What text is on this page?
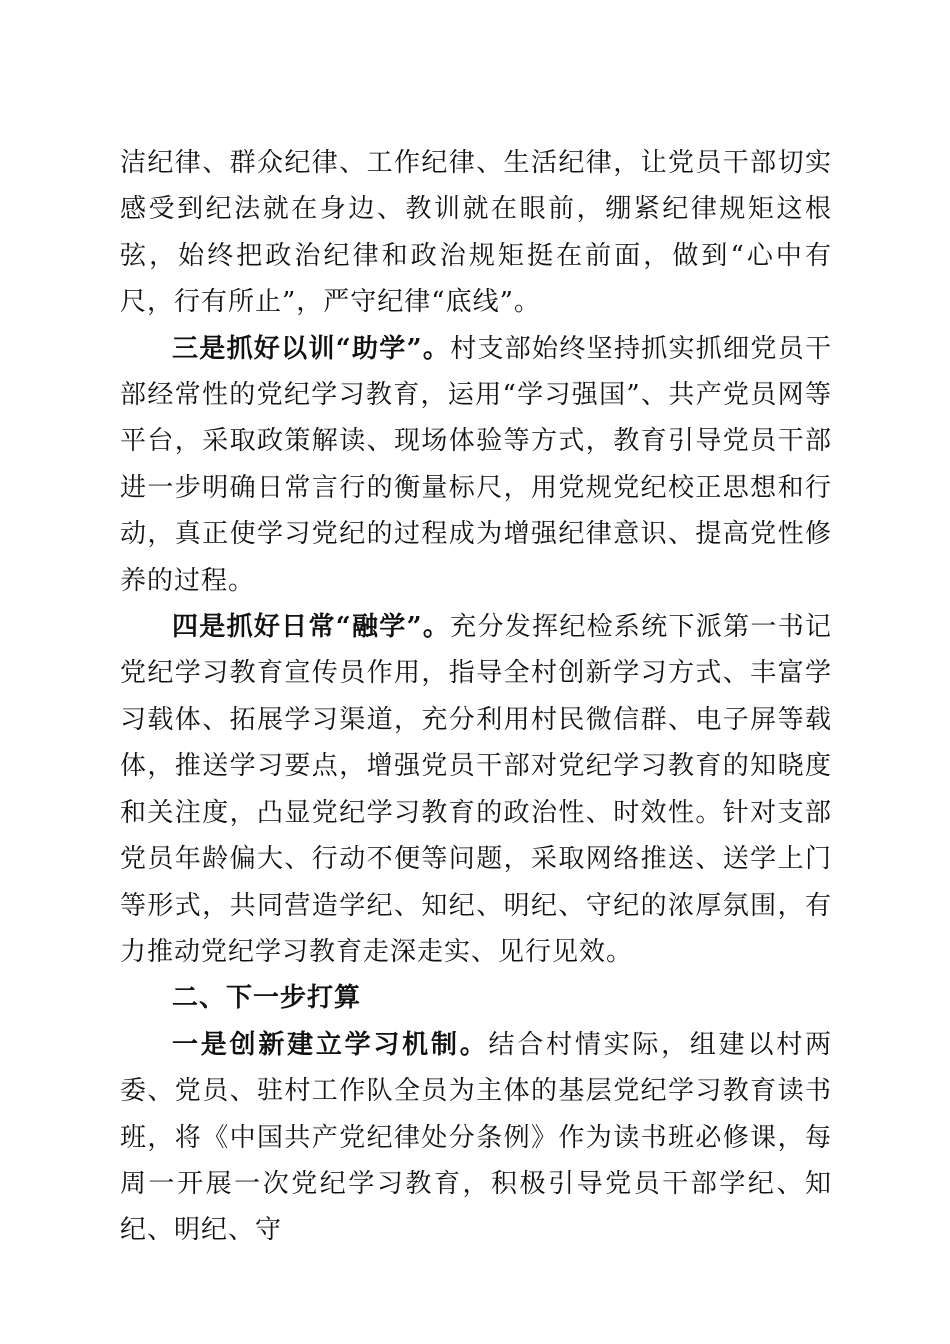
洁纪律、群众纪律、工作纪律、生活纪律，让党员干部切实感受到纪法就在身边、教训就在眼前，绷紧纪律规矩这根弦，始终把政治纪律和政治规矩挺在前面，做到“心中有尺，行有所止”，严守纪律“底线”。

三是抓好以训“助学”。村支部始终坚持抓实抓细党员干部经常性的党纪学习教育，运用“学习强国”、共产党员网等平台，采取政策解读、现场体验等方式，教育引导党员干部进一步明确日常言行的衡量标尺，用党规党纪校正思想和行动，真正使学习党纪的过程成为增强纪律意识、提高党性修养的过程。

四是抓好日常“融学”。充分发挥纪检系统下派第一书记党纪学习教育宣传员作用，指导全村创新学习方式、丰富学习载体、拓展学习渠道，充分利用村民微信群、电子屏等载体，推送学习要点，增强党员干部对党纪学习教育的知晓度和关注度，凸显党纪学习教育的政治性、时效性。针对支部党员年龄偏大、行动不便等问题，采取网络推送、送学上门等形式，共同营造学纪、知纪、明纪、守纪的浓厚氛围，有力推动党纪学习教育走深走实、见行见效。

二、下一步打算

一是创新建立学习机制。结合村情实际，组建以村两委、党员、驻村工作队全员为主体的基层党纪学习教育读书班，将《中国共产党纪律处分条例》作为读书班必修课，每周一开展一次党纪学习教育，积极引导党员干部学纪、知纪、明纪、守
